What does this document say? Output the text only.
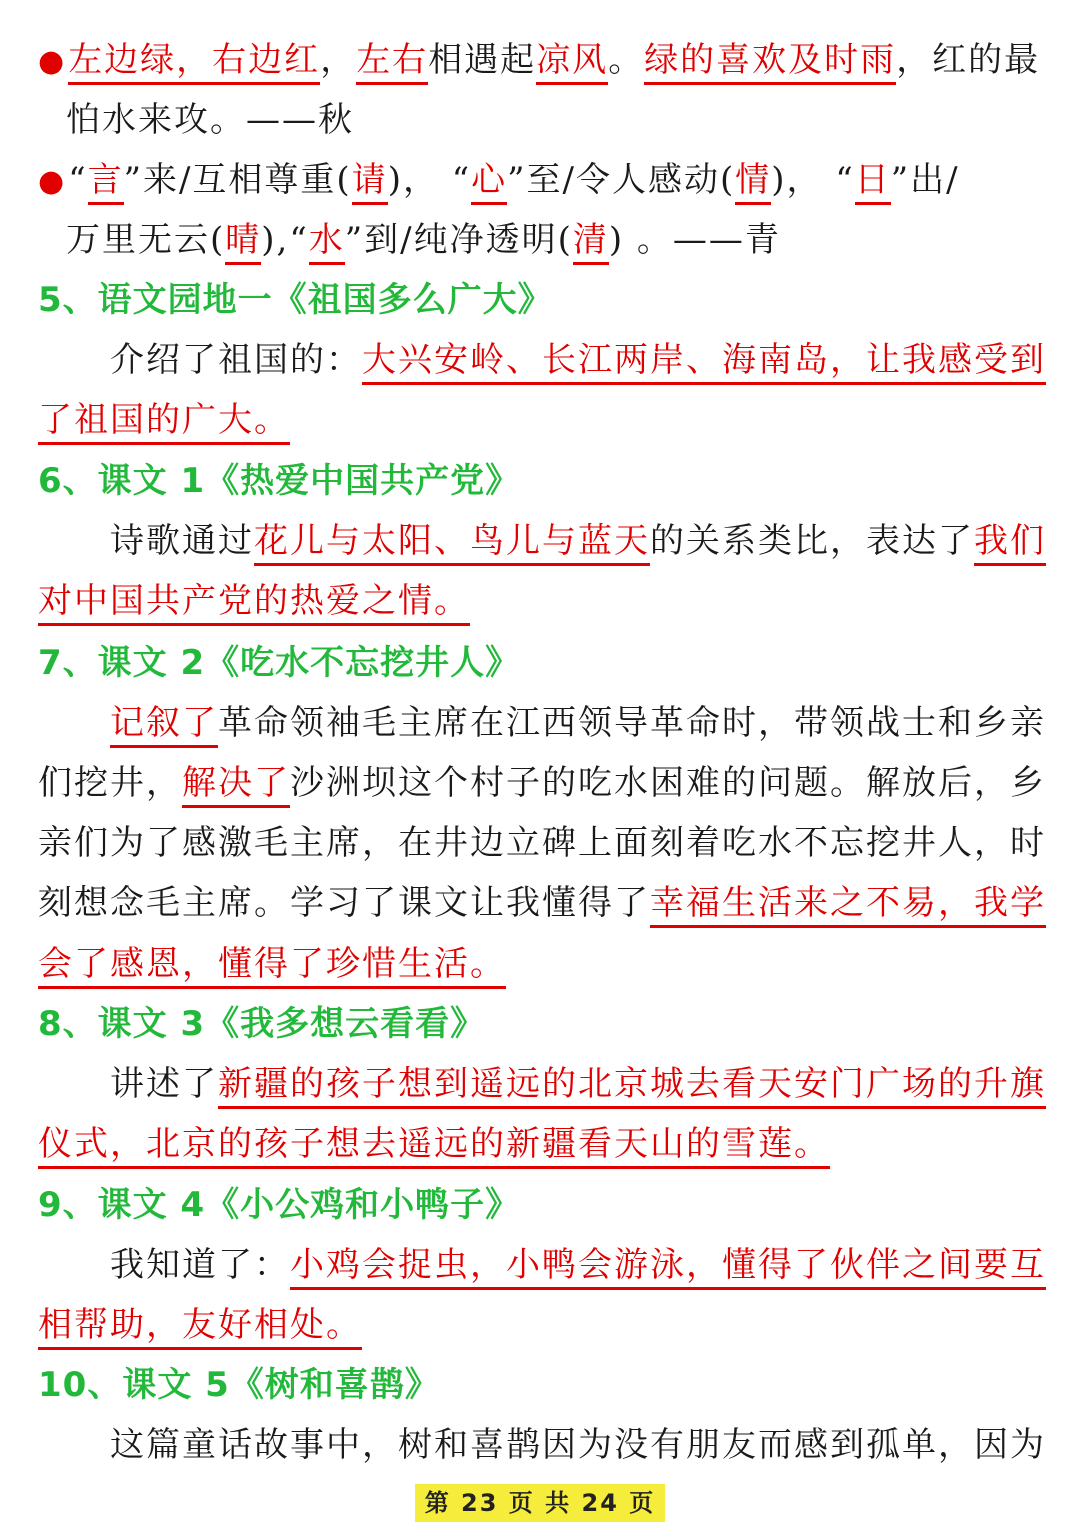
●左边绿，右边红，左右相遇起凉风。绿的喜欢及时雨，红的最
怕水来攻。——秋
●“言”来/互相尊重(请)， “心”至/令人感动(情)， “日”出/
万里无云(晴),“水”到/纯净透明(清) 。——青
5、语文园地一《祖国多么广大》
介绍了祖国的：大兴安岭、长江两岸、海南岛，让我感受到
了祖国的广大。
6、课文 1《热爱中国共产党》
诗歌通过花儿与太阳、鸟儿与蓝天的关系类比，表达了我们
对中国共产党的热爱之情。
7、课文 2《吃水不忘挖井人》
记叙了革命领袖毛主席在江西领导革命时，带领战士和乡亲
们挖井，解决了沙洲坝这个村子的吃水困难的问题。解放后，乡
亲们为了感激毛主席，在井边立碑上面刻着吃水不忘挖井人，时
刻想念毛主席。学习了课文让我懂得了幸福生活来之不易，我学
会了感恩，懂得了珍惜生活。
8、课文 3《我多想云看看》
讲述了新疆的孩子想到遥远的北京城去看天安门广场的升旗
仪式，北京的孩子想去遥远的新疆看天山的雪莲。
9、课文 4《小公鸡和小鸭子》
我知道了：小鸡会捉虫，小鸭会游泳，懂得了伙伴之间要互
相帮助，友好相处。
10、课文 5《树和喜鹊》
这篇童话故事中，树和喜鹊因为没有朋友而感到孤单，因为
第 23 页 共 24 页
